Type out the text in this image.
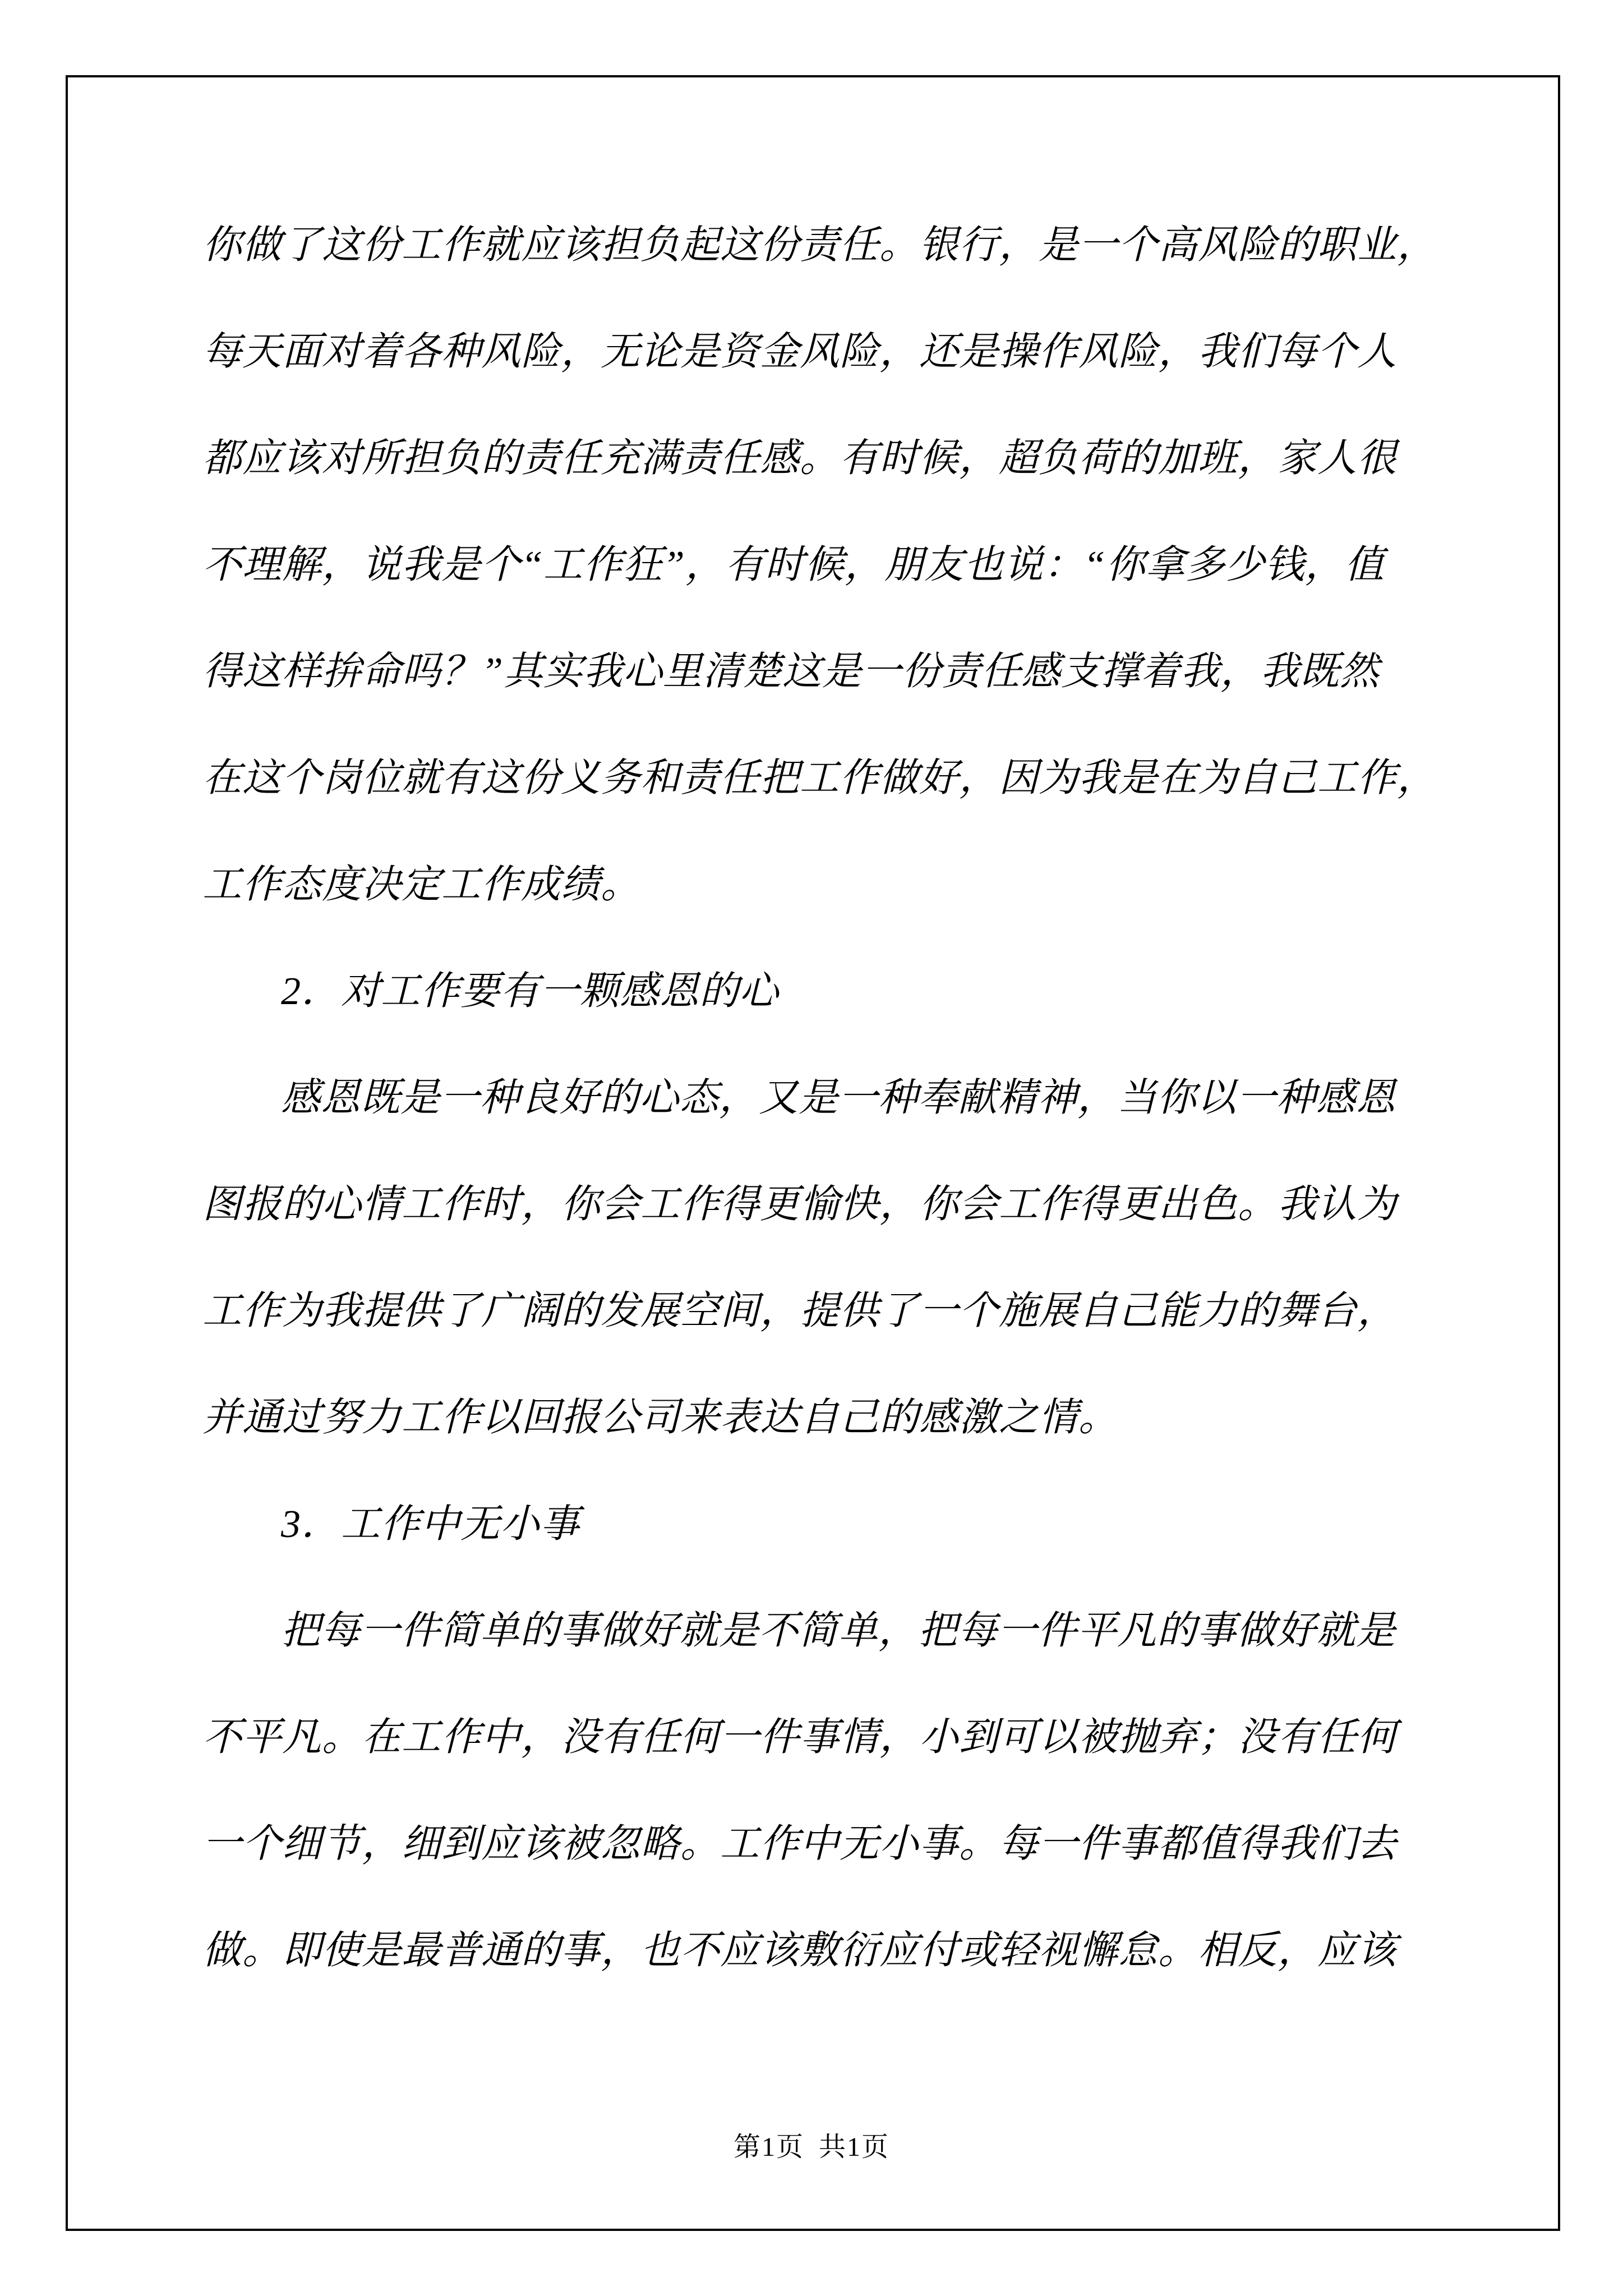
你做了这份工作就应该担负起这份责任。银行，是一个高风险的职业，
每天面对着各种风险，无论是资金风险，还是操作风险，我们每个人
都应该对所担负的责任充满责任感。有时候，超负荷的加班，家人很
不理解，说我是个“工作狂”，有时候，朋友也说：“你拿多少钱，值
得这样拚命吗？”其实我心里清楚这是一份责任感支撑着我，我既然
在这个岗位就有这份义务和责任把工作做好，因为我是在为自己工作，
工作态度决定工作成绩。
2．对工作要有一颗感恩的心
感恩既是一种良好的心态，又是一种奉献精神，当你以一种感恩
图报的心情工作时，你会工作得更愉快，你会工作得更出色。我认为
工作为我提供了广阔的发展空间，提供了一个施展自己能力的舞台，
并通过努力工作以回报公司来表达自己的感激之情。
3．工作中无小事
把每一件简单的事做好就是不简单，把每一件平凡的事做好就是
不平凡。在工作中，没有任何一件事情，小到可以被抛弃；没有任何
一个细节，细到应该被忽略。工作中无小事。每一件事都值得我们去
做。即使是最普通的事，也不应该敷衍应付或轻视懈怠。相反，应该
第1页 共1页
